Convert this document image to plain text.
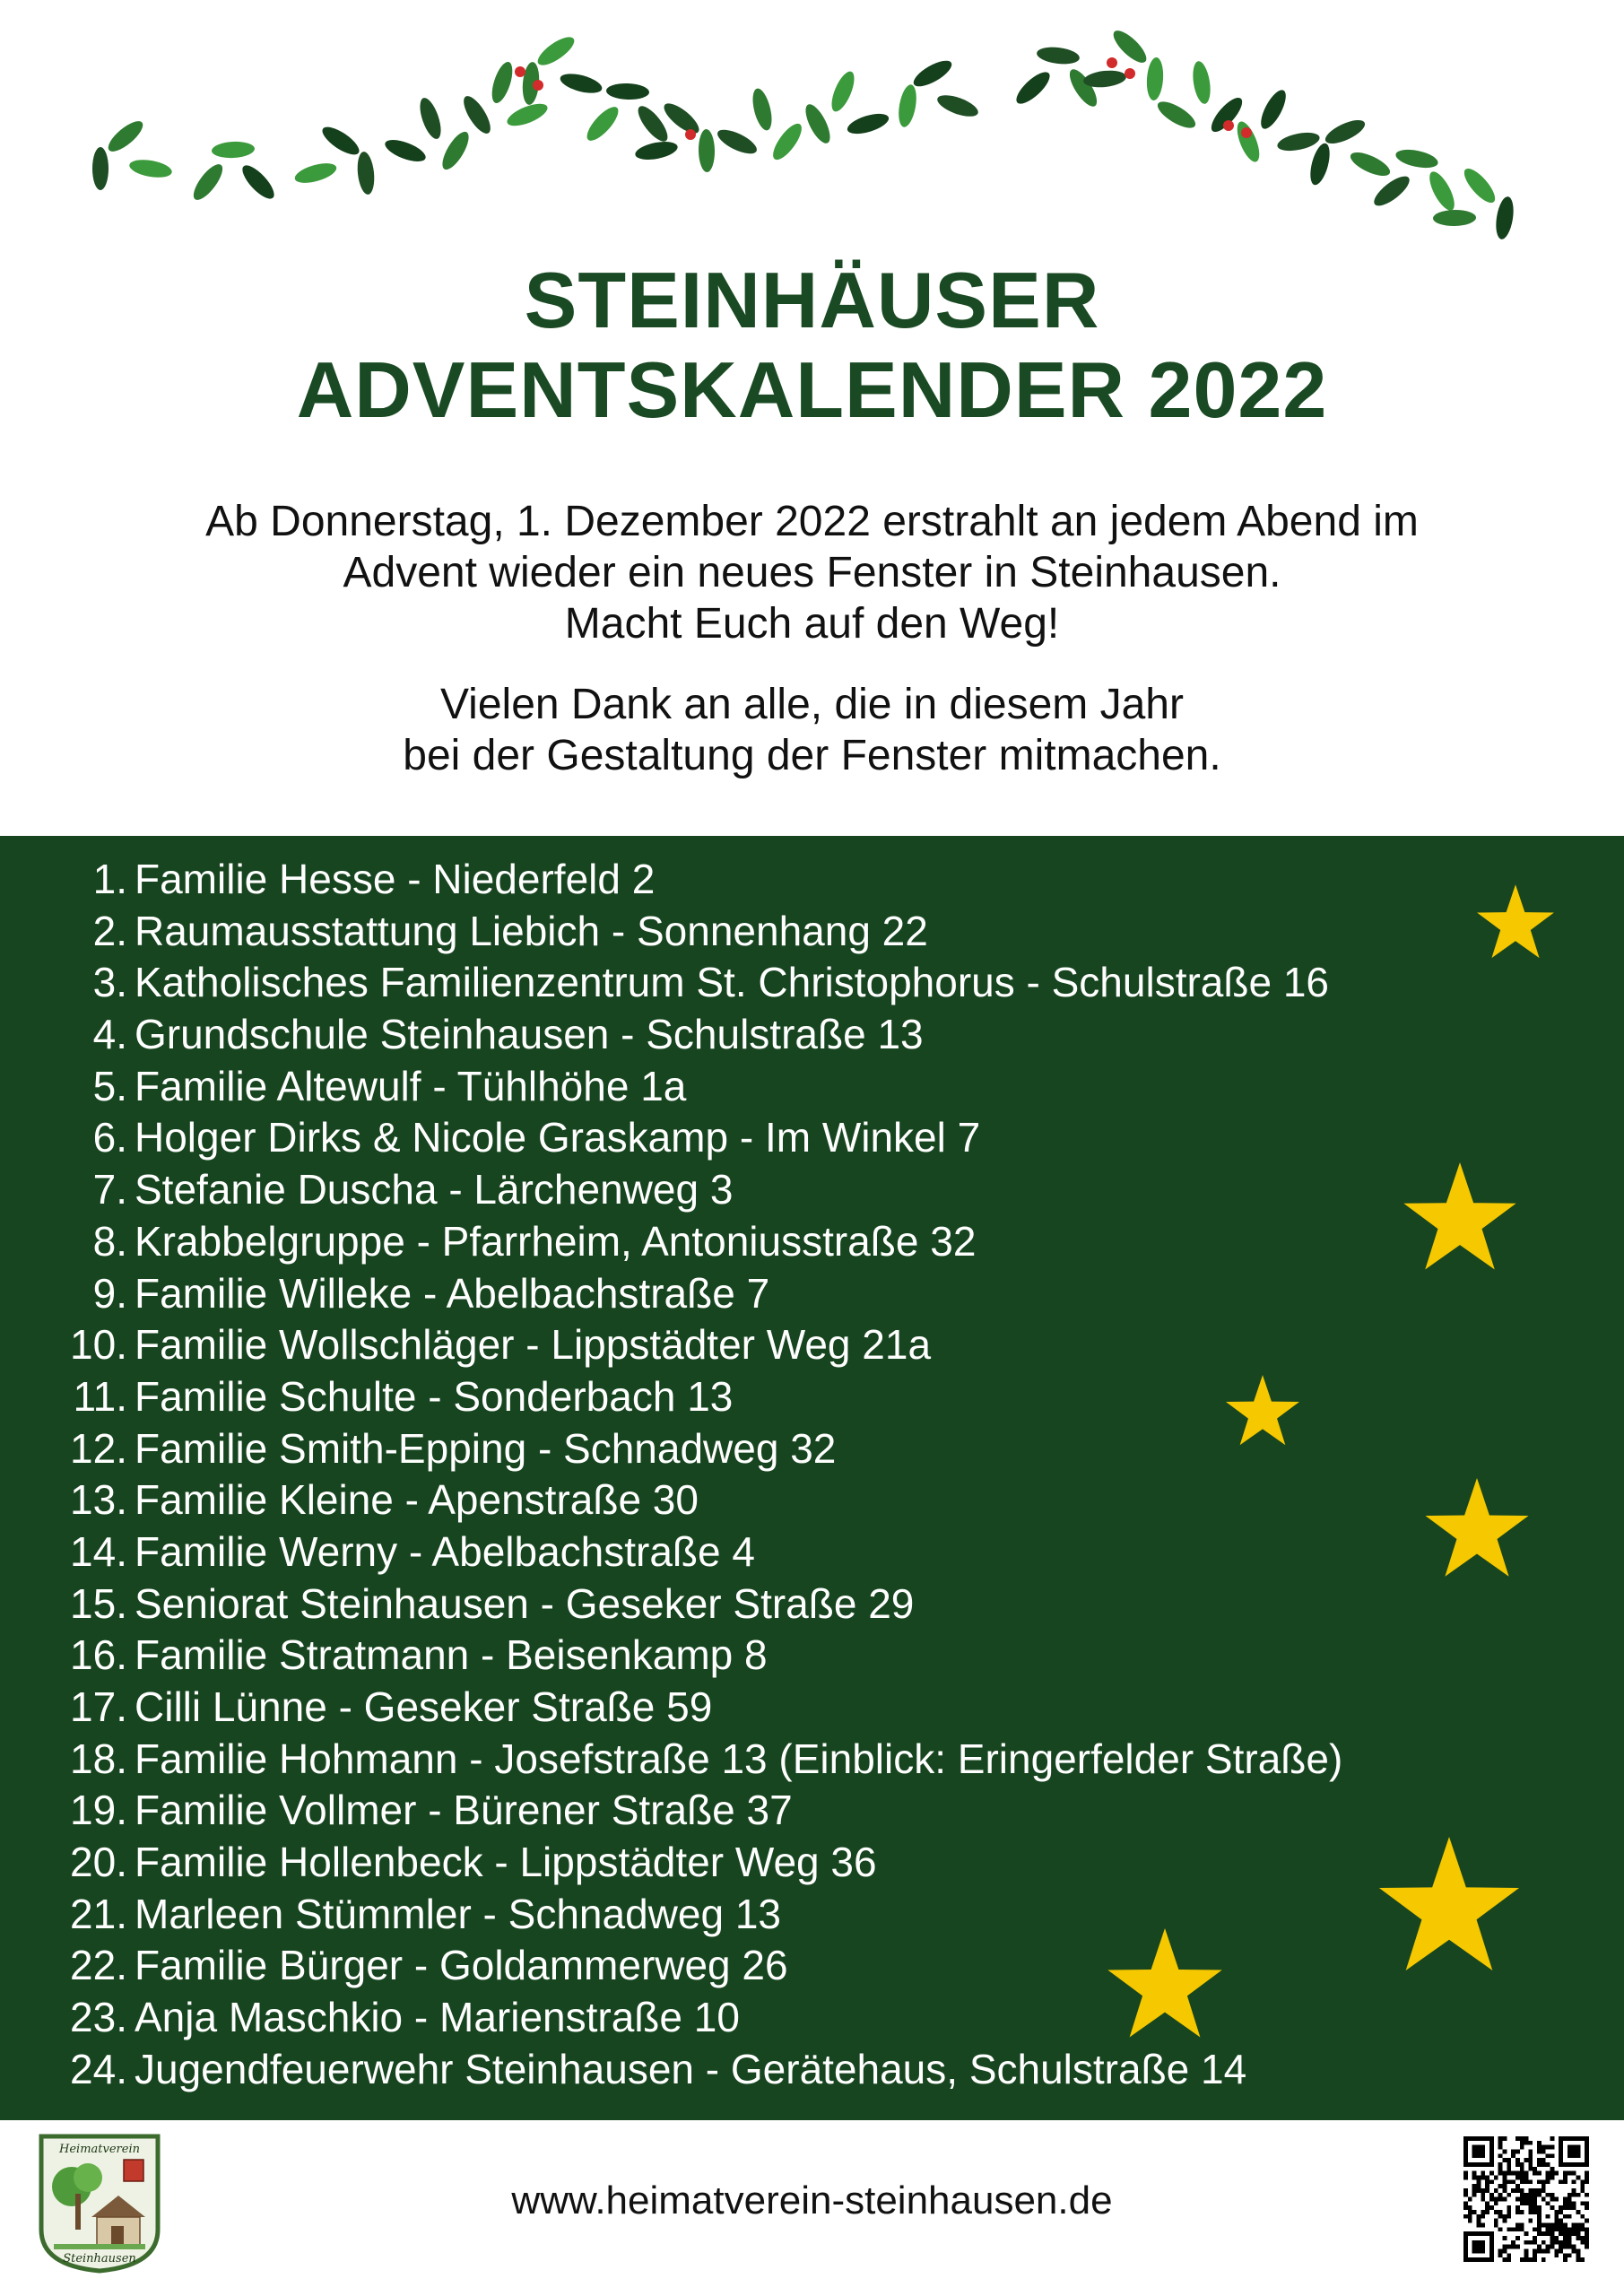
STEINHÄUSER
ADVENTSKALENDER 2022

Ab Donnerstag, 1. Dezember 2022 erstrahlt an jedem Abend im
Advent wieder ein neues Fenster in Steinhausen.
Macht Euch auf den Weg!

Vielen Dank an alle, die in diesem Jahr
bei der Gestaltung der Fenster mitmachen.

1. Familie Hesse - Niederfeld 2
2. Raumausstattung Liebich - Sonnenhang 22
3. Katholisches Familienzentrum St. Christophorus - Schulstraße 16
4. Grundschule Steinhausen - Schulstraße 13
5. Familie Altewulf - Tühlhöhe 1a
6. Holger Dirks & Nicole Graskamp - Im Winkel 7
7. Stefanie Duscha - Lärchenweg 3
8. Krabbelgruppe - Pfarrheim, Antoniusstraße 32
9. Familie Willeke - Abelbachstraße 7
10. Familie Wollschläger - Lippstädter Weg 21a
11. Familie Schulte - Sonderbach 13
12. Familie Smith-Epping - Schnadweg 32
13. Familie Kleine - Apenstraße 30
14. Familie Werny - Abelbachstraße 4
15. Seniorat Steinhausen - Geseker Straße 29
16. Familie Stratmann - Beisenkamp 8
17. Cilli Lünne - Geseker Straße 59
18. Familie Hohmann - Josefstraße 13 (Einblick: Eringerfelder Straße)
19. Familie Vollmer - Bürener Straße 37
20. Familie Hollenbeck - Lippstädter Weg 36
21. Marleen Stümmler - Schnadweg 13
22. Familie Bürger - Goldammerweg 26
23. Anja Maschkio - Marienstraße 10
24. Jugendfeuerwehr Steinhausen - Gerätehaus, Schulstraße 14
Heimatverein
Steinhausen

www.heimatverein-steinhausen.de
